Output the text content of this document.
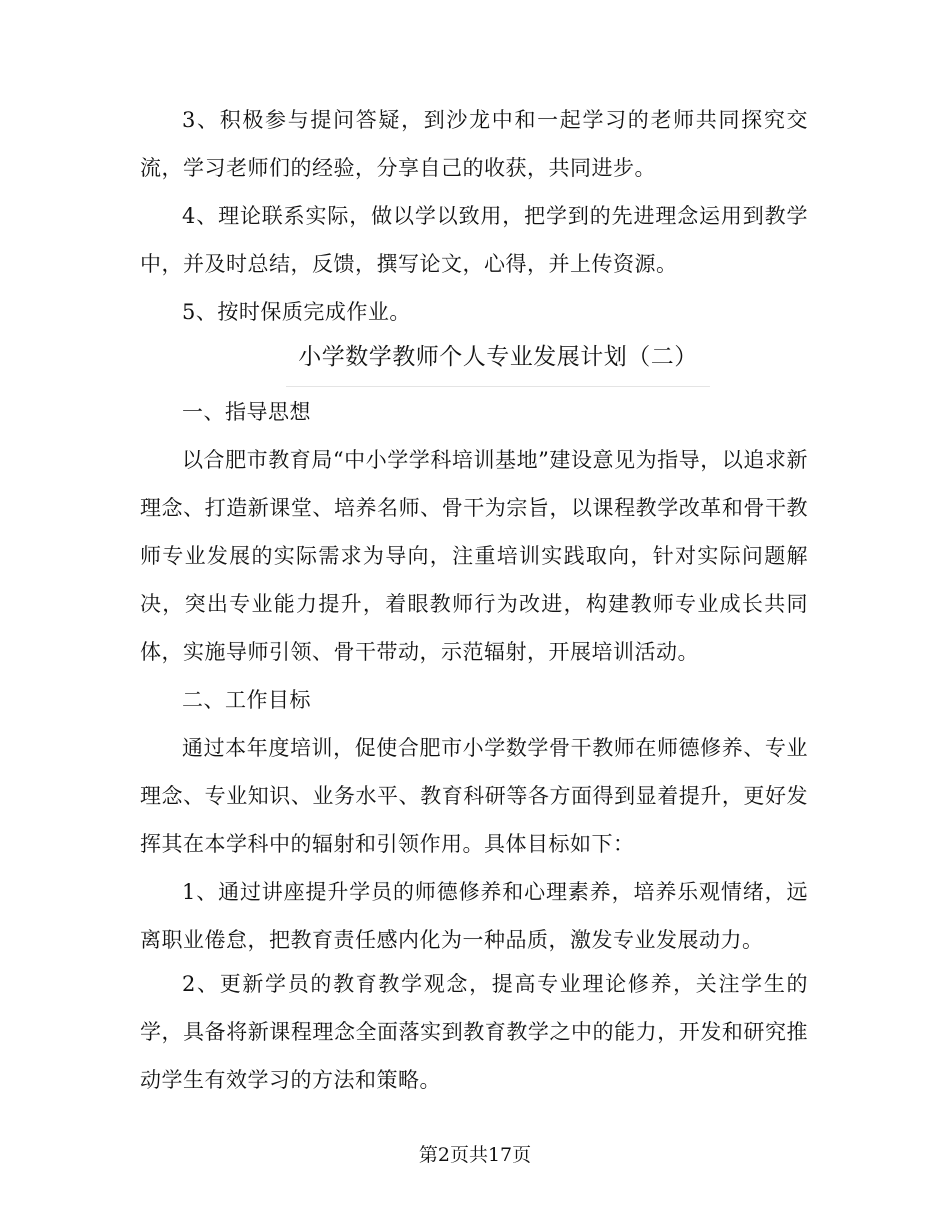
3、积极参与提问答疑，到沙龙中和一起学习的老师共同探究交流，学习老师们的经验，分享自己的收获，共同进步。

4、理论联系实际，做以学以致用，把学到的先进理念运用到教学中，并及时总结，反馈，撰写论文，心得，并上传资源。

5、按时保质完成作业。

小学数学教师个人专业发展计划（二）

一、指导思想

以合肥市教育局“中小学学科培训基地”建设意见为指导，以追求新理念、打造新课堂、培养名师、骨干为宗旨，以课程教学改革和骨干教师专业发展的实际需求为导向，注重培训实践取向，针对实际问题解决，突出专业能力提升，着眼教师行为改进，构建教师专业成长共同体，实施导师引领、骨干带动，示范辐射，开展培训活动。

二、工作目标

通过本年度培训，促使合肥市小学数学骨干教师在师德修养、专业理念、专业知识、业务水平、教育科研等各方面得到显着提升，更好发挥其在本学科中的辐射和引领作用。具体目标如下：

1、通过讲座提升学员的师德修养和心理素养，培养乐观情绪，远离职业倦怠，把教育责任感内化为一种品质，激发专业发展动力。

2、更新学员的教育教学观念，提高专业理论修养，关注学生的学，具备将新课程理念全面落实到教育教学之中的能力，开发和研究推动学生有效学习的方法和策略。

第2页共17页
